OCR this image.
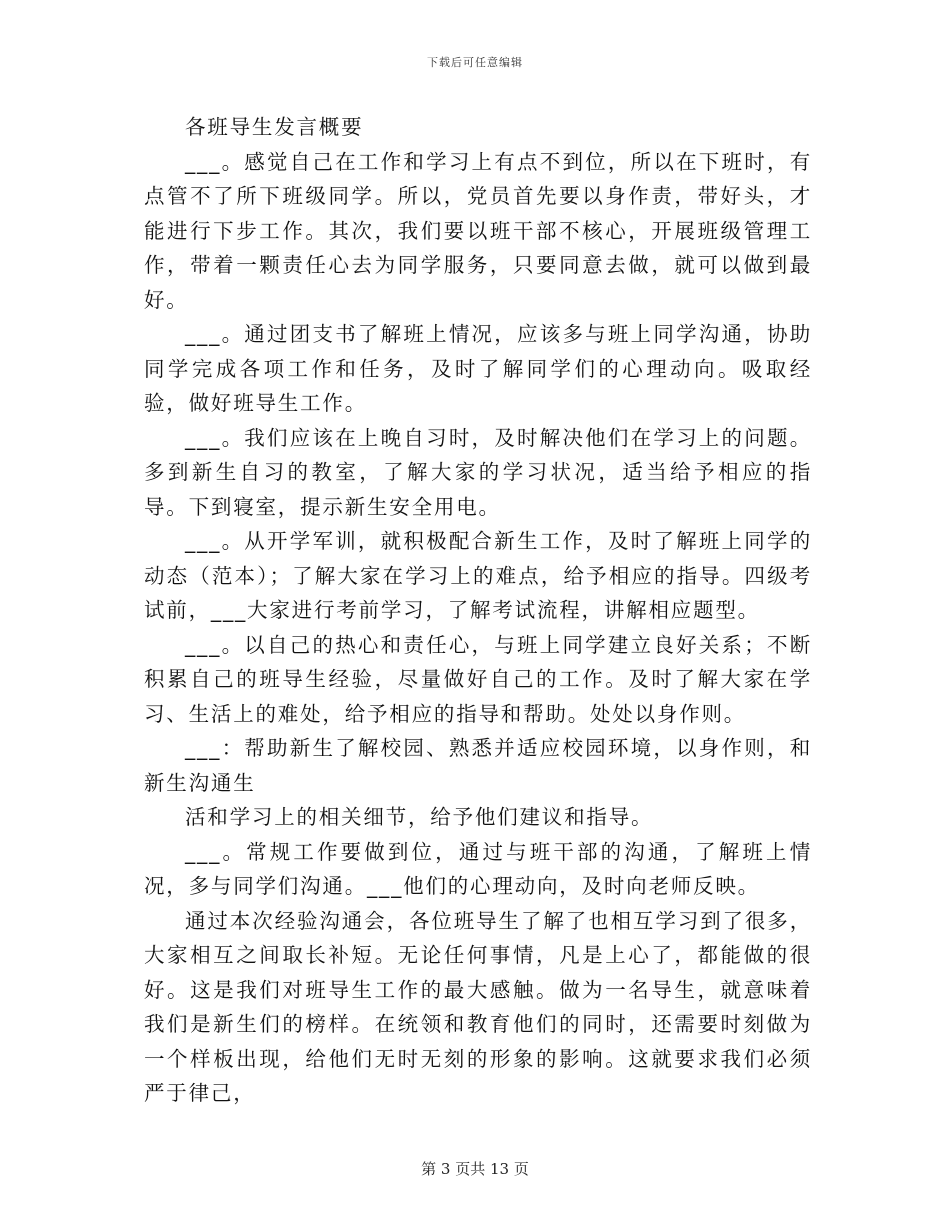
下载后可任意编辑

各班导生发言概要

___。感觉自己在工作和学习上有点不到位，所以在下班时，有点管不了所下班级同学。所以，党员首先要以身作责，带好头，才能进行下步工作。其次，我们要以班干部不核心，开展班级管理工作，带着一颗责任心去为同学服务，只要同意去做，就可以做到最好。

___。通过团支书了解班上情况，应该多与班上同学沟通，协助同学完成各项工作和任务，及时了解同学们的心理动向。吸取经验，做好班导生工作。

___。我们应该在上晚自习时，及时解决他们在学习上的问题。多到新生自习的教室，了解大家的学习状况，适当给予相应的指导。下到寝室，提示新生安全用电。

___。从开学军训，就积极配合新生工作，及时了解班上同学的动态（范本）；了解大家在学习上的难点，给予相应的指导。四级考试前，___大家进行考前学习，了解考试流程，讲解相应题型。

___。以自己的热心和责任心，与班上同学建立良好关系；不断积累自己的班导生经验，尽量做好自己的工作。及时了解大家在学习、生活上的难处，给予相应的指导和帮助。处处以身作则。

___：帮助新生了解校园、熟悉并适应校园环境，以身作则，和新生沟通生

活和学习上的相关细节，给予他们建议和指导。

___。常规工作要做到位，通过与班干部的沟通，了解班上情况，多与同学们沟通。___他们的心理动向，及时向老师反映。

通过本次经验沟通会，各位班导生了解了也相互学习到了很多，大家相互之间取长补短。无论任何事情，凡是上心了，都能做的很好。这是我们对班导生工作的最大感触。做为一名导生，就意味着我们是新生们的榜样。在统领和教育他们的同时，还需要时刻做为一个样板出现，给他们无时无刻的形象的影响。这就要求我们必须严于律己，

第 3 页共 13 页
